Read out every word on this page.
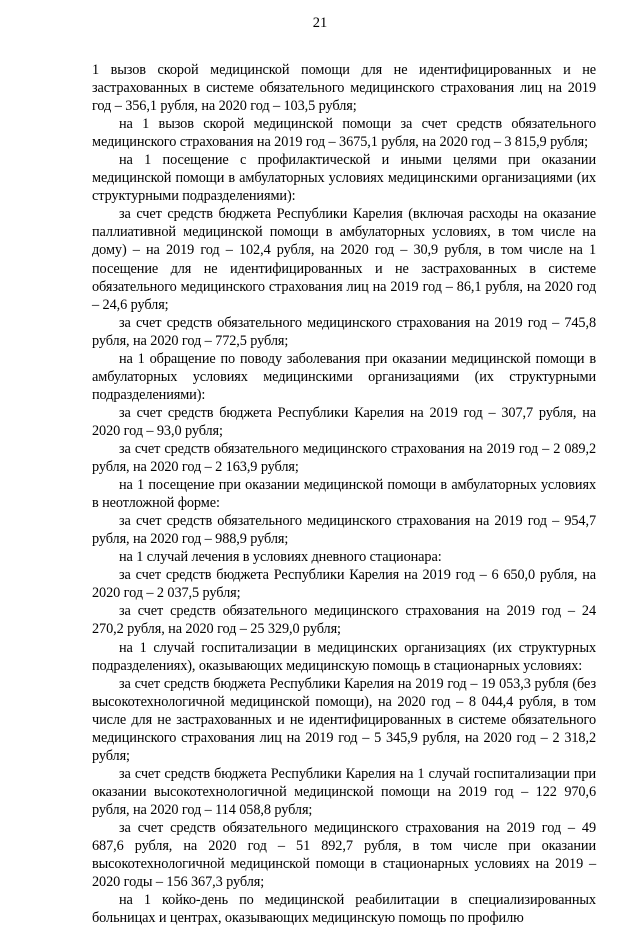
21

1 вызов скорой медицинской помощи для не идентифицированных и не застрахованных в системе обязательного медицинского страхования лиц на 2019 год – 356,1 рубля, на 2020 год – 103,5 рубля;

на 1 вызов скорой медицинской помощи за счет средств обязательного медицинского страхования на 2019 год – 3675,1 рубля, на 2020 год – 3 815,9 рубля;

на 1 посещение с профилактической и иными целями при оказании медицинской помощи в амбулаторных условиях медицинскими организациями (их структурными подразделениями):

за счет средств бюджета Республики Карелия (включая расходы на оказание паллиативной медицинской помощи в амбулаторных условиях, в том числе на дому) – на 2019 год – 102,4 рубля, на 2020 год – 30,9 рубля, в том числе на 1 посещение для не идентифицированных и не застрахованных в системе обязательного медицинского страхования лиц на 2019 год – 86,1 рубля, на 2020 год – 24,6 рубля;

за счет средств обязательного медицинского страхования на 2019 год – 745,8 рубля, на 2020 год – 772,5 рубля;

на 1 обращение по поводу заболевания при оказании медицинской помощи в амбулаторных условиях медицинскими организациями (их структурными подразделениями):

за счет средств бюджета Республики Карелия на 2019 год – 307,7 рубля, на 2020 год – 93,0 рубля;

за счет средств обязательного медицинского страхования на 2019 год – 2 089,2 рубля, на 2020 год – 2 163,9 рубля;

на 1 посещение при оказании медицинской помощи в амбулаторных условиях в неотложной форме:

за счет средств обязательного медицинского страхования на 2019 год – 954,7 рубля, на 2020 год – 988,9 рубля;

на 1 случай лечения в условиях дневного стационара:

за счет средств бюджета Республики Карелия на 2019 год – 6 650,0 рубля, на 2020 год – 2 037,5 рубля;

за счет средств обязательного медицинского страхования на 2019 год – 24 270,2 рубля, на 2020 год – 25 329,0 рубля;

на 1 случай госпитализации в медицинских организациях (их структурных подразделениях), оказывающих медицинскую помощь в стационарных условиях:

за счет средств бюджета Республики Карелия на 2019 год – 19 053,3 рубля (без высокотехнологичной медицинской помощи), на 2020 год – 8 044,4 рубля, в том числе для не застрахованных и не идентифицированных в системе обязательного медицинского страхования лиц на 2019 год – 5 345,9 рубля, на 2020 год – 2 318,2 рубля;

за счет средств бюджета Республики Карелия на 1 случай госпитализации при оказании высокотехнологичной медицинской помощи на 2019 год – 122 970,6 рубля, на 2020 год – 114 058,8 рубля;

за счет средств обязательного медицинского страхования на 2019 год – 49 687,6 рубля, на 2020 год – 51 892,7 рубля, в том числе при оказании высокотехнологичной медицинской помощи в стационарных условиях на 2019 – 2020 годы – 156 367,3 рубля;

на 1 койко-день по медицинской реабилитации в специализированных больницах и центрах, оказывающих медицинскую помощь по профилю
